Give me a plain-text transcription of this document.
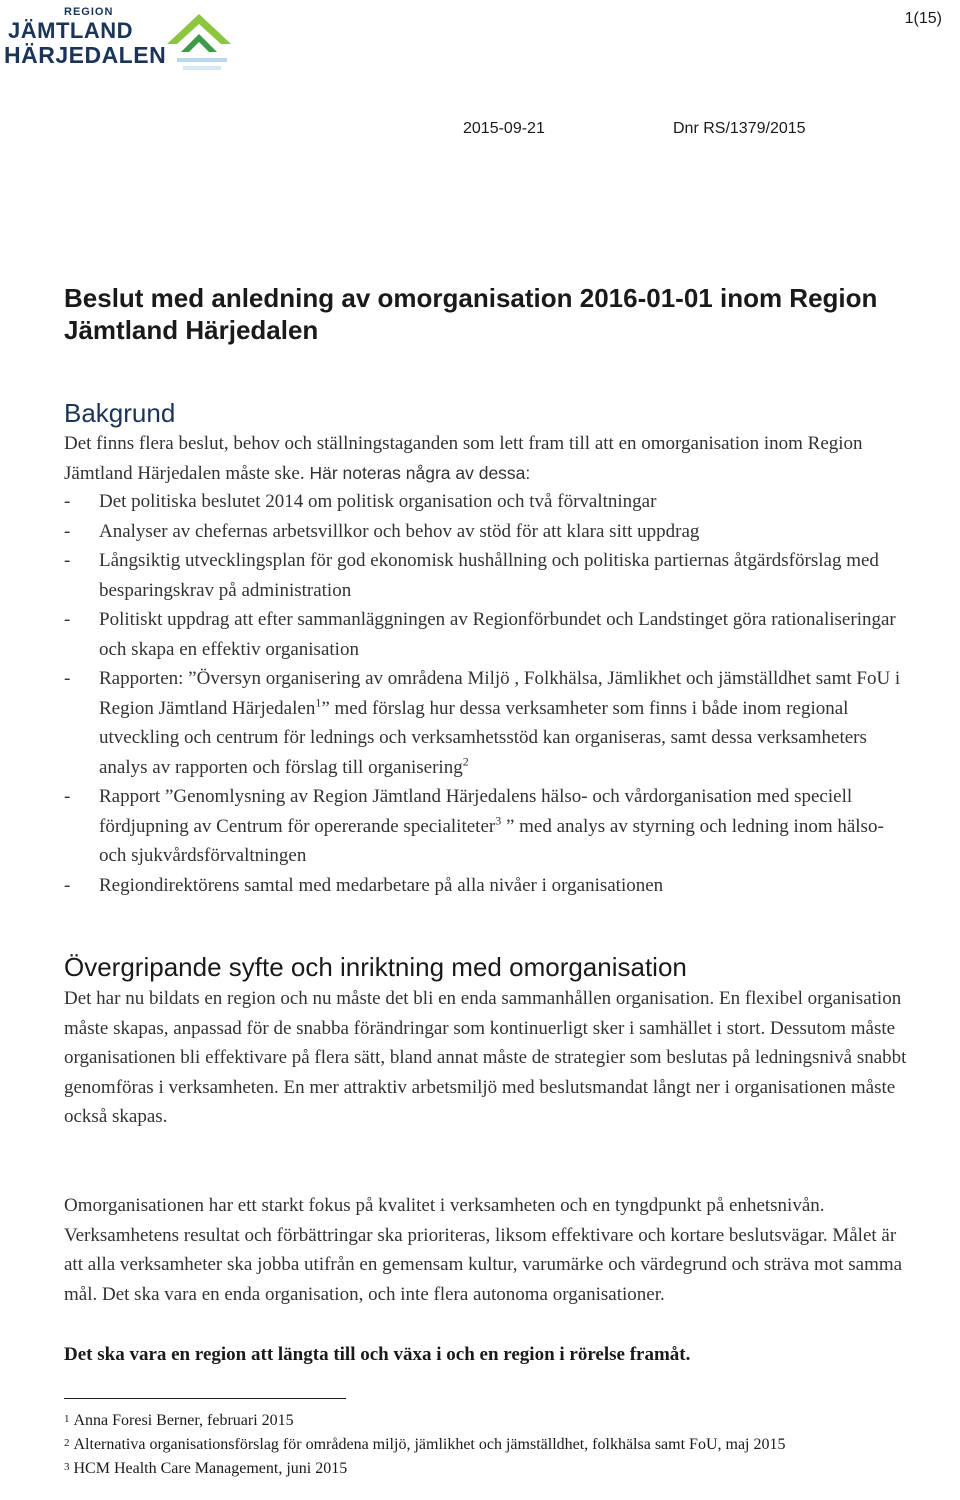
REGION
JÄMTLAND
HÄRJEDALEN
1(15)
2015-09-21	Dnr RS/1379/2015
Beslut med anledning av omorganisation 2016-01-01 inom Region Jämtland Härjedalen
Bakgrund

Det finns flera beslut, behov och ställningstaganden som lett fram till att en omorganisation inom Region Jämtland Härjedalen måste ske. Här noteras några av dessa:

- Det politiska beslutet 2014 om politisk organisation och två förvaltningar
- Analyser av chefernas arbetsvillkor och behov av stöd för att klara sitt uppdrag
- Långsiktig utvecklingsplan för god ekonomisk hushållning och politiska partiernas åtgärdsförslag med besparingskrav på administration
- Politiskt uppdrag att efter sammanläggningen av Regionförbundet och Landstinget göra rationaliseringar och skapa en effektiv organisation
- Rapporten: ”Översyn organisering av områdena Miljö , Folkhälsa, Jämlikhet och jämställdhet samt FoU i Region Jämtland Härjedalen$^1$” med förslag hur dessa verksamheter som finns i både inom regional utveckling och centrum för lednings och verksamhetsstöd kan organiseras, samt dessa verksamheters analys av rapporten och förslag till organisering$^2$
- Rapport ”Genomlysning av Region Jämtland Härjedalens hälso- och vårdorganisation med speciell fördjupning av Centrum för opererande specialiteter$^3$ ” med analys av styrning och ledning inom hälso- och sjukvårdsförvaltningen
- Regiondirektörens samtal med medarbetare på alla nivåer i organisationen
Övergripande syfte och inriktning med omorganisation

Det har nu bildats en region och nu måste det bli en enda sammanhållen organisation. En flexibel organisation måste skapas, anpassad för de snabba förändringar som kontinuerligt sker i samhället i stort. Dessutom måste organisationen bli effektivare på flera sätt, bland annat måste de strategier som beslutas på ledningsnivå snabbt genomföras i verksamheten. En mer attraktiv arbetsmiljö med beslutsmandat långt ner i organisationen måste också skapas.

Omorganisationen har ett starkt fokus på kvalitet i verksamheten och en tyngdpunkt på enhetsnivån. Verksamhetens resultat och förbättringar ska prioriteras, liksom effektivare och kortare beslutsvägar. Målet är att alla verksamheter ska jobba utifrån en gemensam kultur, varumärke och värdegrund och sträva mot samma mål. Det ska vara en enda organisation, och inte flera autonoma organisationer.

Det ska vara en region att längta till och växa i och en region i rörelse framåt.

1 Anna Foresi Berner, februari 2015
2 Alternativa organisationsförslag för områdena miljö, jämlikhet och jämställdhet, folkhälsa samt FoU, maj 2015
3 HCM Health Care Management, juni 2015
